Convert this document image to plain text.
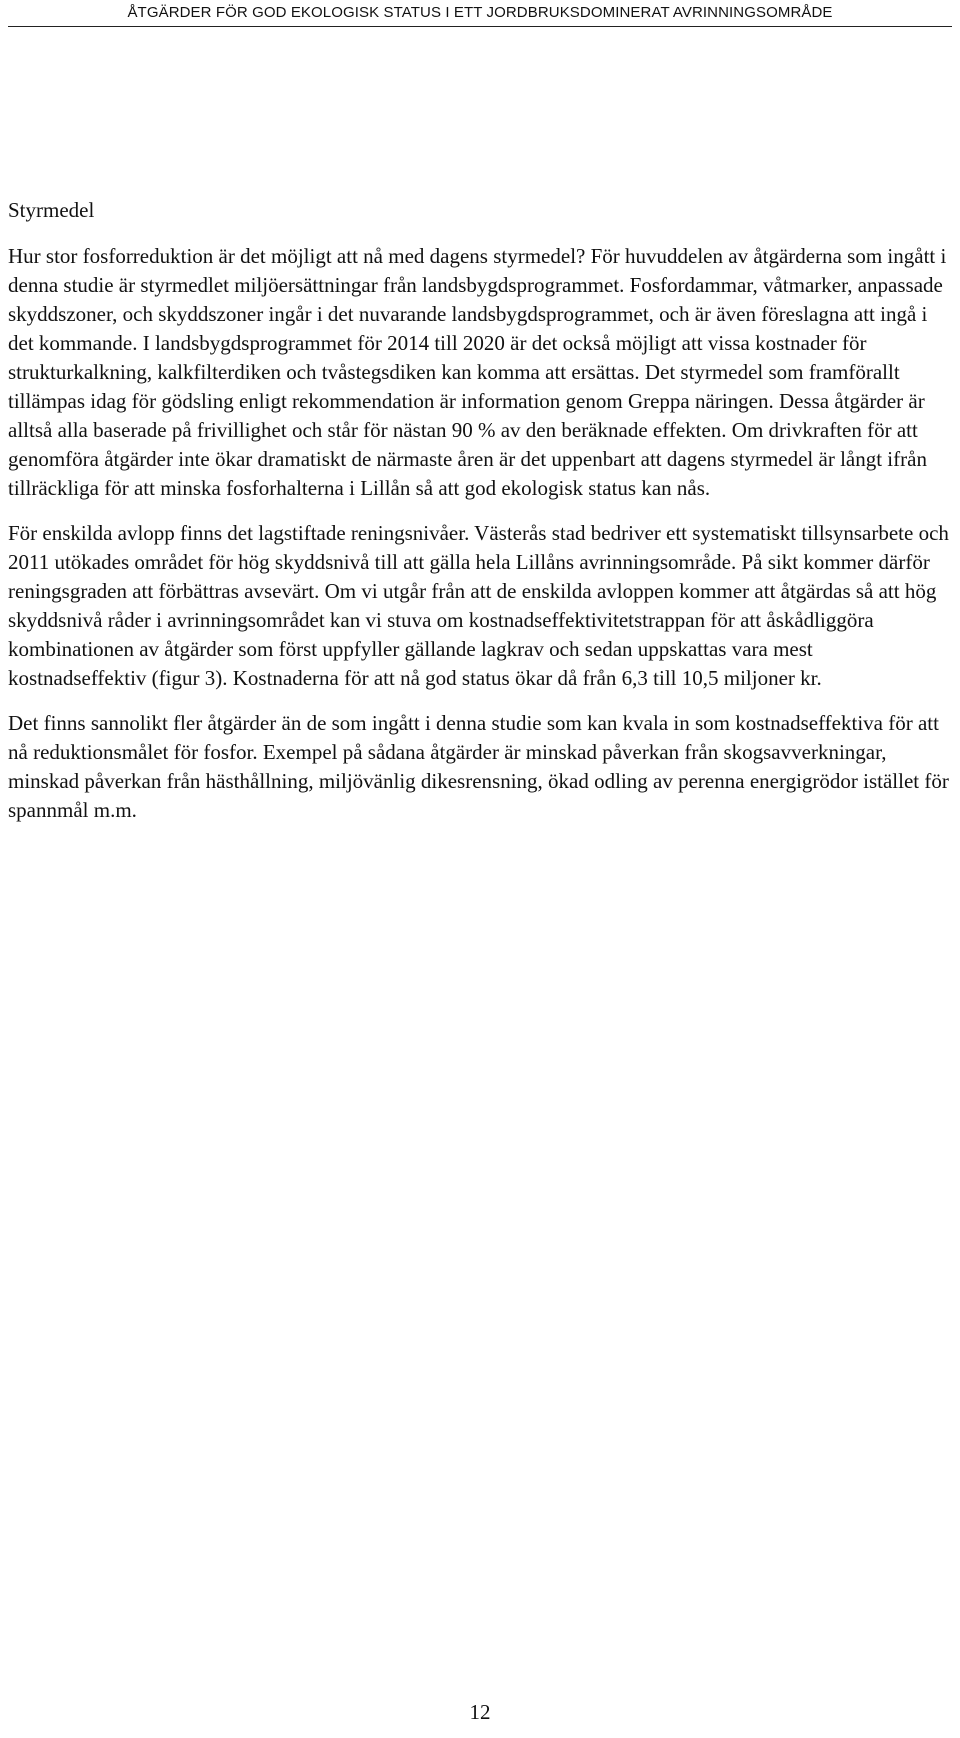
ÅTGÄRDER FÖR GOD EKOLOGISK STATUS I ETT JORDBRUKSDOMINERAT AVRINNINGSOMRÅDE
Styrmedel

Hur stor fosforreduktion är det möjligt att nå med dagens styrmedel? För huvuddelen av åtgärderna som ingått i denna studie är styrmedlet miljöersättningar från landsbygdsprogrammet. Fosfordammar, våtmarker, anpassade skyddszoner, och skyddszoner ingår i det nuvarande landsbygdsprogrammet, och är även föreslagna att ingå i det kommande. I landsbygdsprogrammet för 2014 till 2020 är det också möjligt att vissa kostnader för strukturkalkning, kalkfilterdiken och tvåstegsdiken kan komma att ersättas. Det styrmedel som framförallt tillämpas idag för gödsling enligt rekommendation är information genom Greppa näringen. Dessa åtgärder är alltså alla baserade på frivillighet och står för nästan 90 % av den beräknade effekten. Om drivkraften för att genomföra åtgärder inte ökar dramatiskt de närmaste åren är det uppenbart att dagens styrmedel är långt ifrån tillräckliga för att minska fosforhalterna i Lillån så att god ekologisk status kan nås.

För enskilda avlopp finns det lagstiftade reningsnivåer. Västerås stad bedriver ett systematiskt tillsynsarbete och 2011 utökades området för hög skyddsnivå till att gälla hela Lillåns avrinningsområde. På sikt kommer därför reningsgraden att förbättras avsevärt. Om vi utgår från att de enskilda avloppen kommer att åtgärdas så att hög skyddsnivå råder i avrinningsområdet kan vi stuva om kostnadseffektivitetstrappan för att åskådliggöra kombinationen av åtgärder som först uppfyller gällande lagkrav och sedan uppskattas vara mest kostnadseffektiv (figur 3). Kostnaderna för att nå god status ökar då från 6,3 till 10,5 miljoner kr.

Det finns sannolikt fler åtgärder än de som ingått i denna studie som kan kvala in som kostnadseffektiva för att nå reduktionsmålet för fosfor. Exempel på sådana åtgärder är minskad påverkan från skogsavverkningar, minskad påverkan från hästhållning, miljövänlig dikesrensning, ökad odling av perenna energigrödor istället för spannmål m.m.

12
